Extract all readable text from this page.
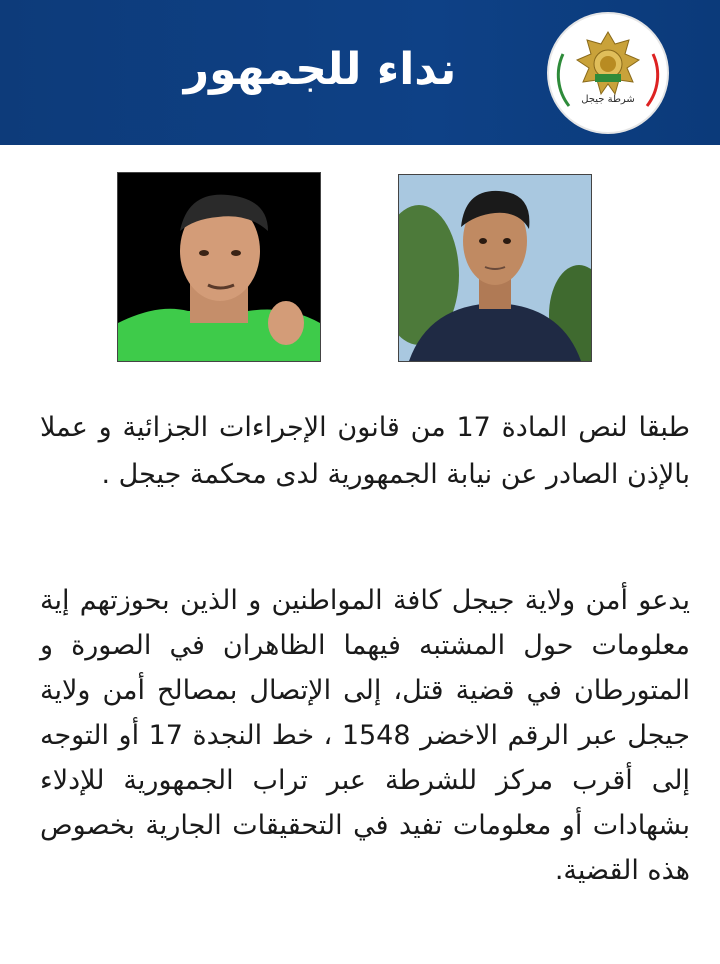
نداء للجمهور
شرطة جيجل
طبقا لنص المادة 17 من قانون الإجراءات الجزائية و عملا بالإذن الصادر عن نيابة الجمهورية لدى محكمة جيجل .
يدعو أمن ولاية جيجل كافة المواطنين و الذين بحوزتهم إية معلومات حول المشتبه فيهما الظاهران في الصورة و المتورطان في قضية قتل، إلى الإتصال بمصالح أمن ولاية جيجل عبر الرقم الاخضر 1548 ، خط النجدة 17 أو التوجه إلى أقرب مركز للشرطة عبر تراب الجمهورية للإدلاء بشهادات أو معلومات تفيد في التحقيقات الجارية بخصوص هذه القضية.
